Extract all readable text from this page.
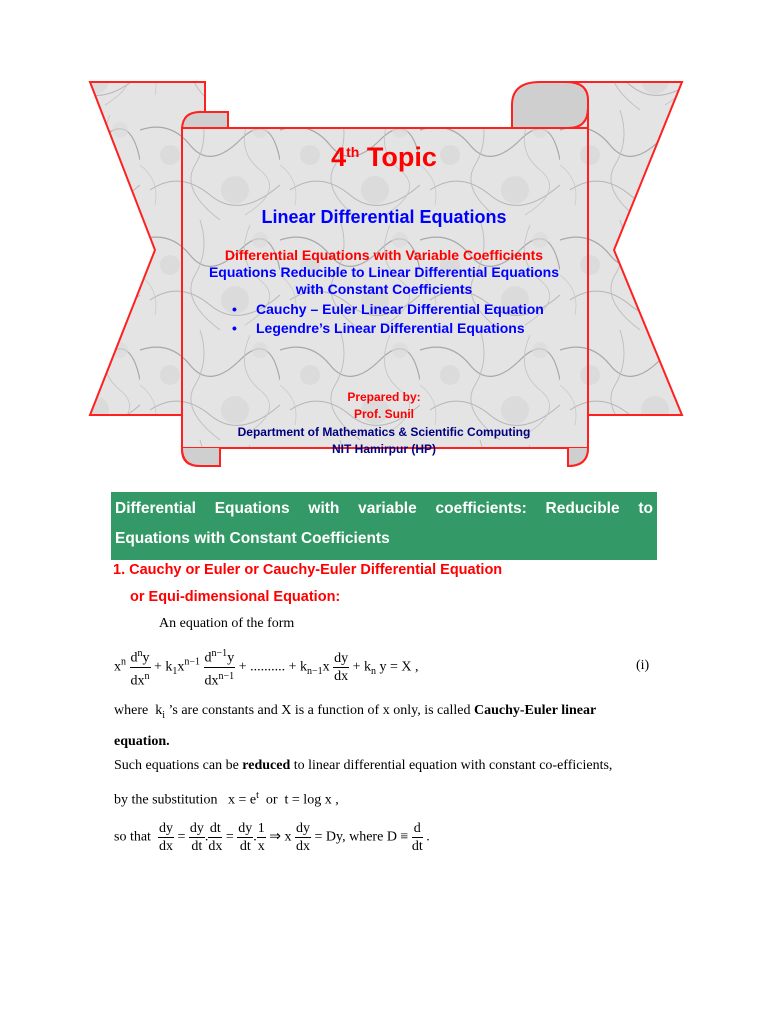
4th Topic
Linear Differential Equations
Differential Equations with Variable Coefficients
Equations Reducible to Linear Differential Equations
with Constant Coefficients
• Cauchy – Euler Linear Differential Equation
• Legendre’s Linear Differential Equations
Prepared by:
Prof. Sunil
Department of Mathematics & Scientific Computing
NIT Hamirpur (HP)
Differential Equations with variable coefficients: Reducible to
Equations with Constant Coefficients
1. Cauchy or Euler or Cauchy-Euler Differential Equation
or Equi-dimensional Equation:
An equation of the form
$x^n \frac{d^ny}{dx^n} + k_1x^{n-1} \frac{d^{n-1}y}{dx^{n-1}}$ + .......... + $k_{n-1}x \frac{dy}{dx} + k_n$ y = X ,	(i)
where  $k_i$ ’s are constants and X is a function of x only, is called Cauchy-Euler linear
equation.
Such equations can be reduced to linear differential equation with constant co-efficients,
by the substitution   $x = e^t$ or  t = log x ,
so that $\frac{dy}{dx} = \frac{dy}{dt}$ . $\frac{dt}{dx} = \frac{dy}{dt}$ . $\frac{1}{x}$ ⇒ x $\frac{dy}{dx} = Dy$, where $D \equiv \frac{d}{dt}$ .
